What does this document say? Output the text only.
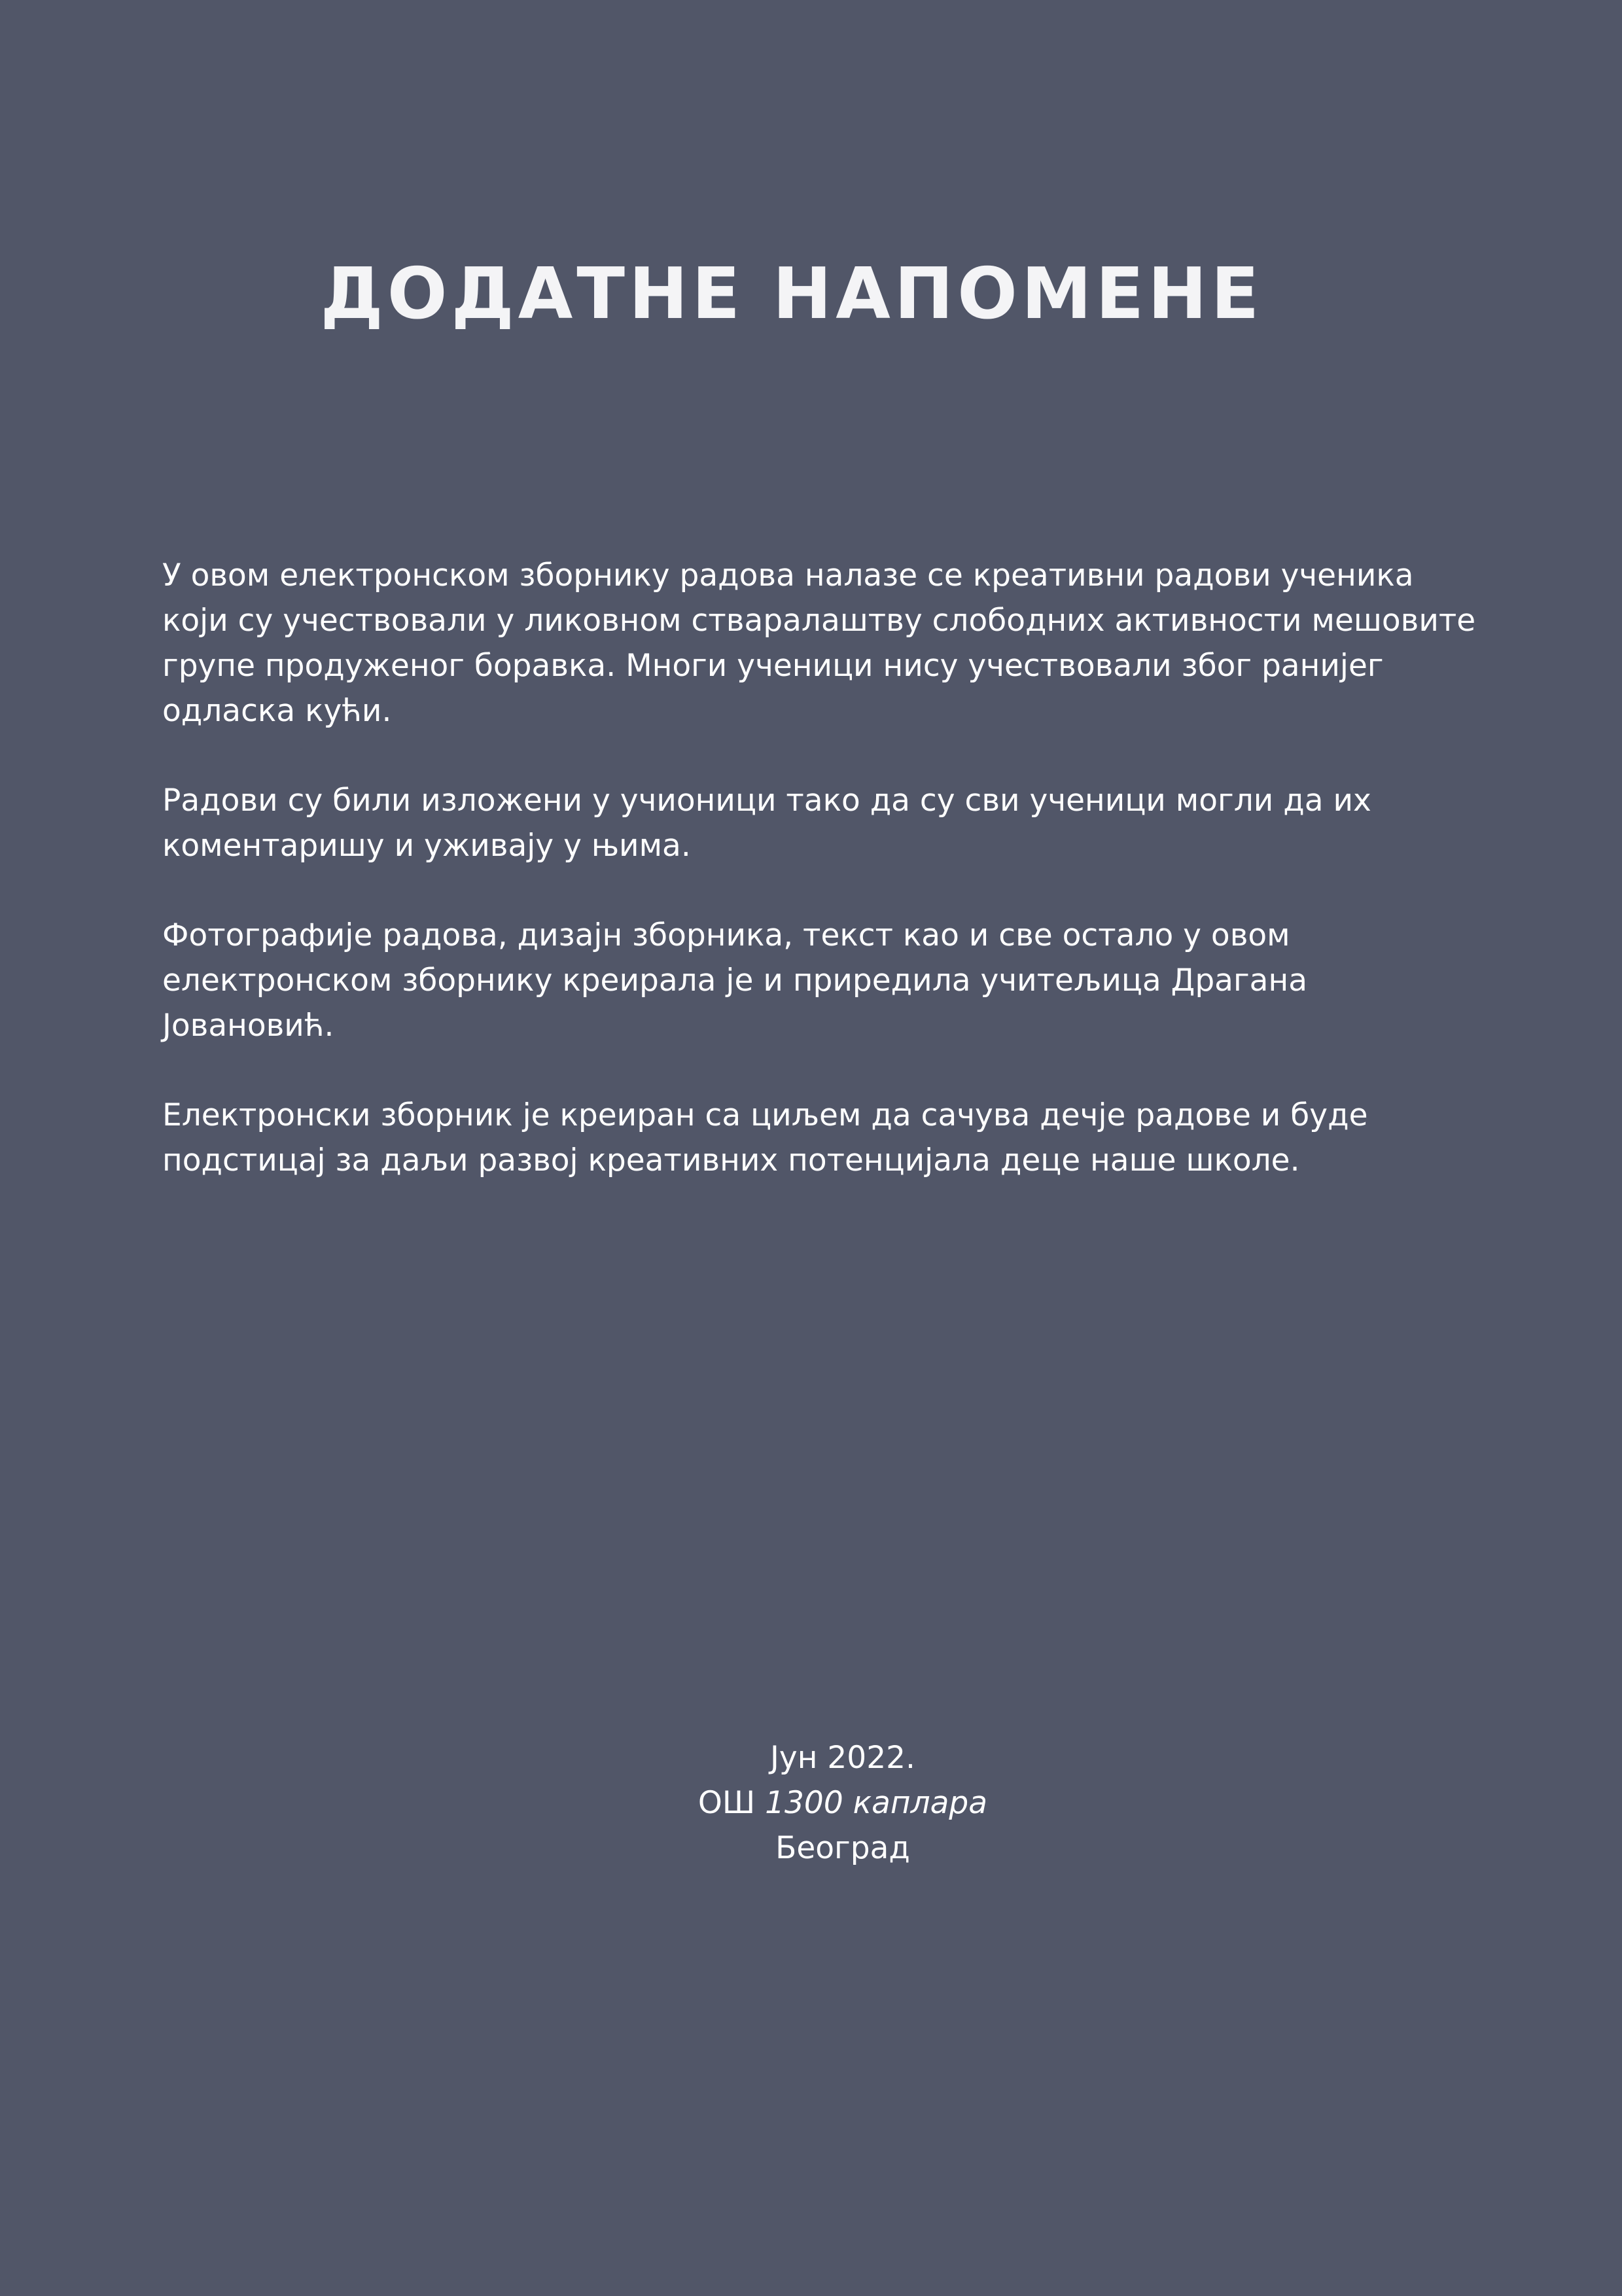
ДОДАТНЕ НАПОМЕНЕ

У овом електронском зборнику радова налазе се креативни радови ученика
који су учествовали у ликовном стваралаштву слободних активности мешовите
групе продуженог боравка. Многи ученици нису учествовали због ранијег
одласка кући.

Радови су били изложени у учионици тако да су сви ученици могли да их
коментаришу и уживају у њима.

Фотографије радова, дизајн зборника, текст као и све остало у овом
електронском зборнику креирала је и приредила учитељица Драгана
Јовановић.

Електронски зборник је креиран са циљем да сачува дечје радове и буде
подстицај за даљи развој креативних потенцијала деце наше школе.

Јун 2022.
ОШ 1300 каплара
Београд
